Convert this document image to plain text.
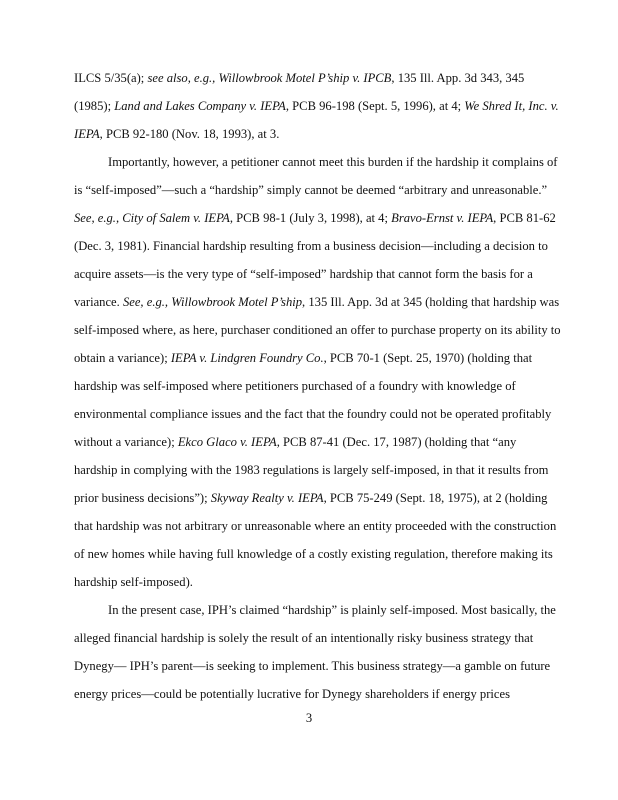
ILCS 5/35(a); see also, e.g., Willowbrook Motel P’ship v. IPCB, 135 Ill. App. 3d 343, 345
(1985); Land and Lakes Company v. IEPA, PCB 96-198 (Sept. 5, 1996), at 4; We Shred It, Inc. v.
IEPA, PCB 92-180 (Nov. 18, 1993), at 3.
Importantly, however, a petitioner cannot meet this burden if the hardship it complains of
is “self-imposed”—such a “hardship” simply cannot be deemed “arbitrary and unreasonable.”
See, e.g., City of Salem v. IEPA, PCB 98-1 (July 3, 1998), at 4; Bravo-Ernst v. IEPA, PCB 81-62
(Dec. 3, 1981). Financial hardship resulting from a business decision—including a decision to
acquire assets—is the very type of “self-imposed” hardship that cannot form the basis for a
variance. See, e.g., Willowbrook Motel P’ship, 135 Ill. App. 3d at 345 (holding that hardship was
self-imposed where, as here, purchaser conditioned an offer to purchase property on its ability to
obtain a variance); IEPA v. Lindgren Foundry Co., PCB 70-1 (Sept. 25, 1970) (holding that
hardship was self-imposed where petitioners purchased of a foundry with knowledge of
environmental compliance issues and the fact that the foundry could not be operated profitably
without a variance); Ekco Glaco v. IEPA, PCB 87-41 (Dec. 17, 1987) (holding that “any
hardship in complying with the 1983 regulations is largely self-imposed, in that it results from
prior business decisions”); Skyway Realty v. IEPA, PCB 75-249 (Sept. 18, 1975), at 2 (holding
that hardship was not arbitrary or unreasonable where an entity proceeded with the construction
of new homes while having full knowledge of a costly existing regulation, therefore making its
hardship self-imposed).
In the present case, IPH’s claimed “hardship” is plainly self-imposed. Most basically, the
alleged financial hardship is solely the result of an intentionally risky business strategy that
Dynegy— IPH’s parent—is seeking to implement. This business strategy—a gamble on future
energy prices—could be potentially lucrative for Dynegy shareholders if energy prices
3
